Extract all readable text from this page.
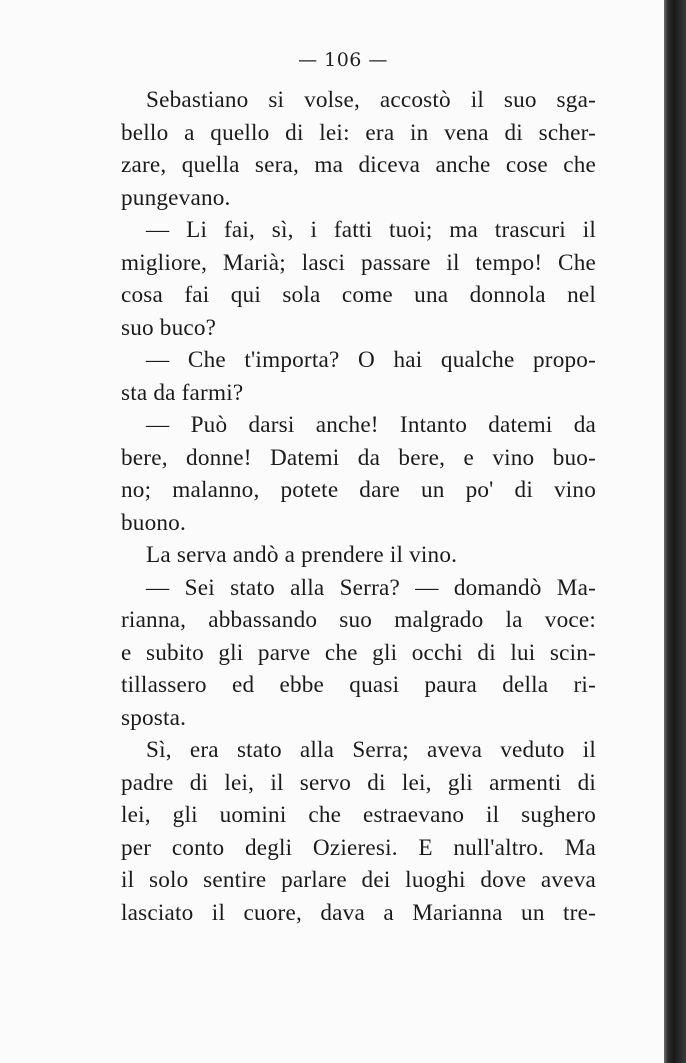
— 106 —
Sebastiano si volse, accostò il suo sga-
bello a quello di lei: era in vena di scher-
zare, quella sera, ma diceva anche cose che
pungevano.
— Li fai, sì, i fatti tuoi; ma trascuri il
migliore, Marià; lasci passare il tempo! Che
cosa fai qui sola come una donnola nel
suo buco?
— Che t'importa? O hai qualche propo-
sta da farmi?
— Può darsi anche! Intanto datemi da
bere, donne! Datemi da bere, e vino buo-
no; malanno, potete dare un po' di vino
buono.
La serva andò a prendere il vino.
— Sei stato alla Serra? — domandò Ma-
rianna, abbassando suo malgrado la voce:
e subito gli parve che gli occhi di lui scin-
tillassero ed ebbe quasi paura della ri-
sposta.
Sì, era stato alla Serra; aveva veduto il
padre di lei, il servo di lei, gli armenti di
lei, gli uomini che estraevano il sughero
per conto degli Ozieresi. E null'altro. Ma
il solo sentire parlare dei luoghi dove aveva
lasciato il cuore, dava a Marianna un tre-
